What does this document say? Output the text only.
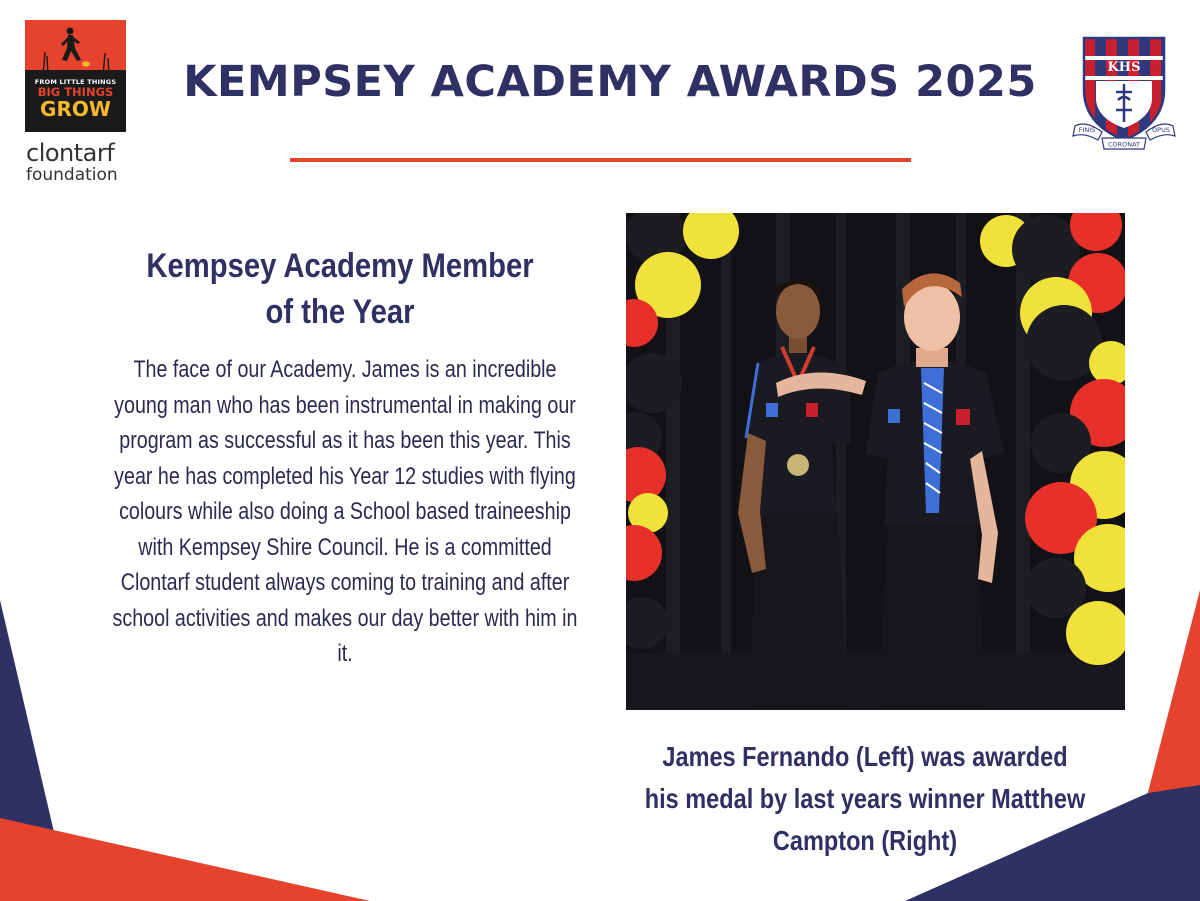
FROM LITTLE THINGS
BIG THINGS
GROW
clontarf
foundation
KEMPSEY ACADEMY AWARDS 2025	KHS
FINIS	OPUS
CORONAT
Kempsey Academy Member of the Year

The face of our Academy. James is an incredible young man who has been instrumental in making our program as successful as it has been this year. This year he has completed his Year 12 studies with flying colours while also doing a School based traineeship with Kempsey Shire Council. He is a committed Clontarf student always coming to training and after school activities and makes our day better with him in it.

James Fernando (Left) was awarded his medal by last years winner Matthew Campton (Right)
